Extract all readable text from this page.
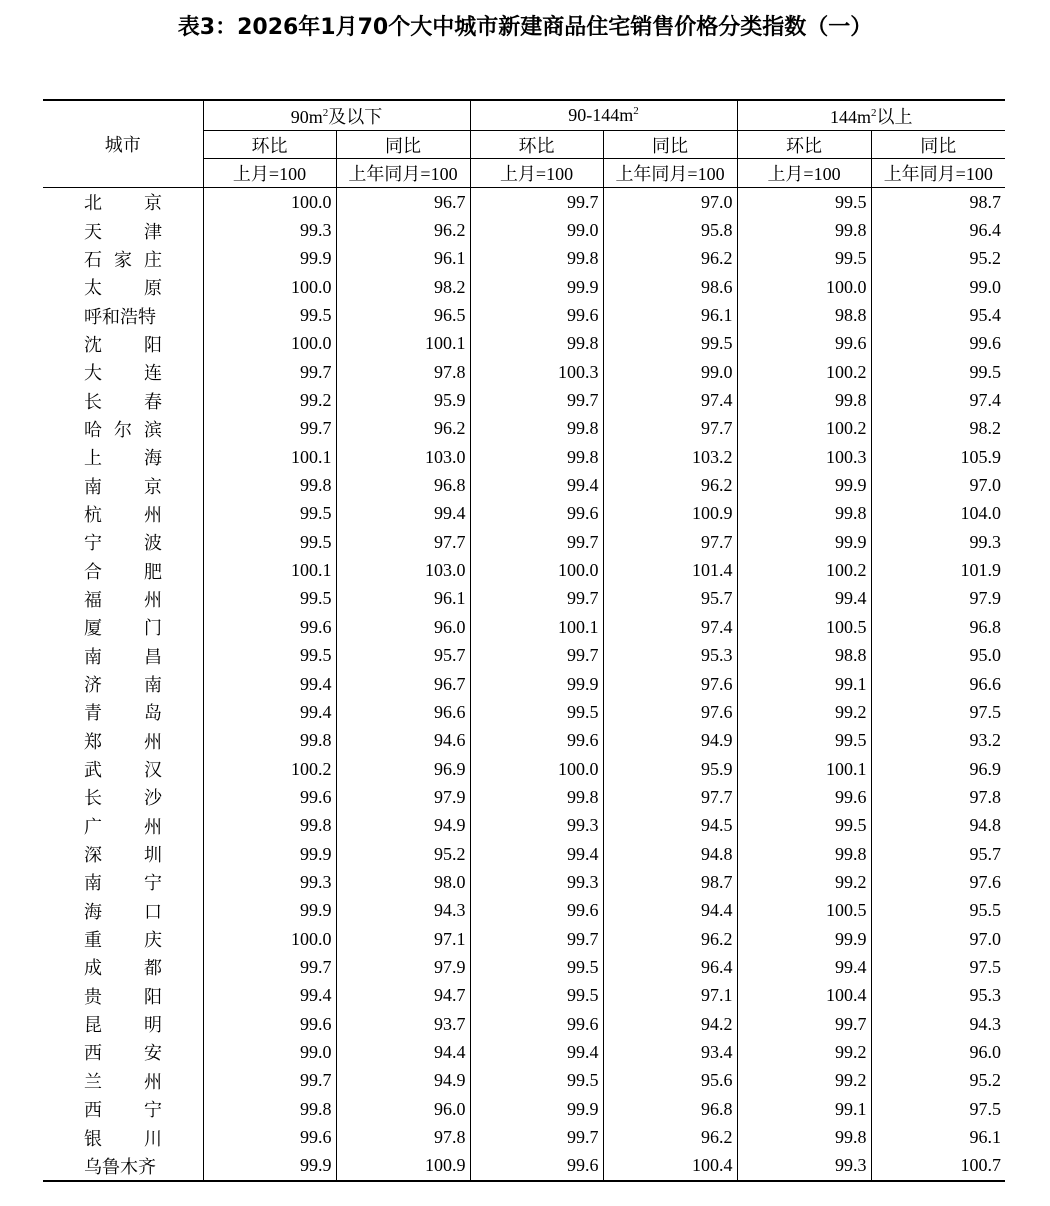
表3：2026年1月70个大中城市新建商品住宅销售价格分类指数（一）
城市	$90m^2$及以下		$90-144m^2$		$144m^2$以上	
	环比	同比	环比	同比	环比	同比
	上月=100	上年同月=100	上月=100	上年同月=100	上月=100	上年同月=100
北京	100.0	96.7	99.7	97.0	99.5	98.7
天津	99.3	96.2	99.0	95.8	99.8	96.4
石家庄	99.9	96.1	99.8	96.2	99.5	95.2
太原	100.0	98.2	99.9	98.6	100.0	99.0
呼和浩特	99.5	96.5	99.6	96.1	98.8	95.4
沈阳	100.0	100.1	99.8	99.5	99.6	99.6
大连	99.7	97.8	100.3	99.0	100.2	99.5
长春	99.2	95.9	99.7	97.4	99.8	97.4
哈尔滨	99.7	96.2	99.8	97.7	100.2	98.2
上海	100.1	103.0	99.8	103.2	100.3	105.9
南京	99.8	96.8	99.4	96.2	99.9	97.0
杭州	99.5	99.4	99.6	100.9	99.8	104.0
宁波	99.5	97.7	99.7	97.7	99.9	99.3
合肥	100.1	103.0	100.0	101.4	100.2	101.9
福州	99.5	96.1	99.7	95.7	99.4	97.9
厦门	99.6	96.0	100.1	97.4	100.5	96.8
南昌	99.5	95.7	99.7	95.3	98.8	95.0
济南	99.4	96.7	99.9	97.6	99.1	96.6
青岛	99.4	96.6	99.5	97.6	99.2	97.5
郑州	99.8	94.6	99.6	94.9	99.5	93.2
武汉	100.2	96.9	100.0	95.9	100.1	96.9
长沙	99.6	97.9	99.8	97.7	99.6	97.8
广州	99.8	94.9	99.3	94.5	99.5	94.8
深圳	99.9	95.2	99.4	94.8	99.8	95.7
南宁	99.3	98.0	99.3	98.7	99.2	97.6
海口	99.9	94.3	99.6	94.4	100.5	95.5
重庆	100.0	97.1	99.7	96.2	99.9	97.0
成都	99.7	97.9	99.5	96.4	99.4	97.5
贵阳	99.4	94.7	99.5	97.1	100.4	95.3
昆明	99.6	93.7	99.6	94.2	99.7	94.3
西安	99.0	94.4	99.4	93.4	99.2	96.0
兰州	99.7	94.9	99.5	95.6	99.2	95.2
西宁	99.8	96.0	99.9	96.8	99.1	97.5
银川	99.6	97.8	99.7	96.2	99.8	96.1
乌鲁木齐	99.9	100.9	99.6	100.4	99.3	100.7
